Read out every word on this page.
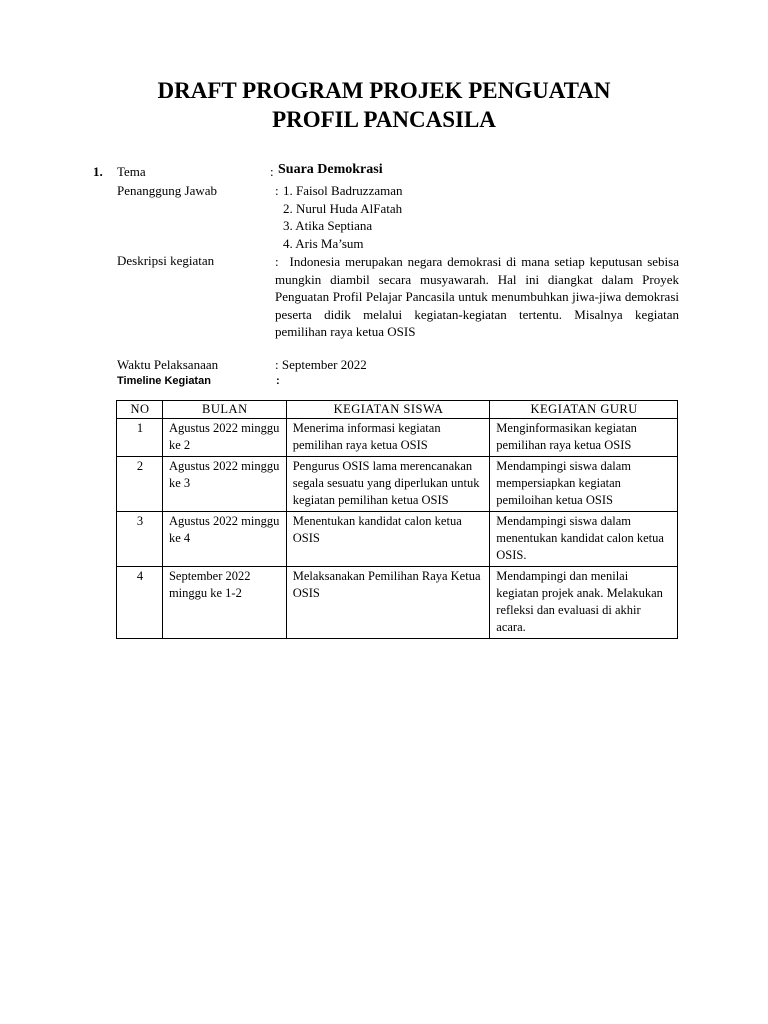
DRAFT PROGRAM PROJEK PENGUATAN
PROFIL PANCASILA
1. Tema	: Suara Demokrasi
Penanggung Jawab	: 1. Faisol Badruzzaman
2. Nurul Huda AlFatah
3. Atika Septiana
4. Aris Ma’sum
Deskripsi kegiatan	: Indonesia merupakan negara demokrasi di mana setiap keputusan sebisa mungkin diambil secara musyawarah. Hal ini diangkat dalam Proyek Penguatan Profil Pelajar Pancasila untuk menumbuhkan jiwa-jiwa demokrasi peserta didik melalui kegiatan-kegiatan tertentu. Misalnya kegiatan pemilihan raya ketua OSIS
Waktu Pelaksanaan	: September 2022
Timeline Kegiatan	:
NO	BULAN	KEGIATAN SISWA	KEGIATAN GURU
1	Agustus 2022 minggu ke 2	Menerima informasi kegiatan pemilihan raya ketua OSIS	Menginformasikan kegiatan pemilihan raya ketua OSIS
2	Agustus 2022 minggu ke 3	Pengurus OSIS lama merencanakan segala sesuatu yang diperlukan untuk kegiatan pemilihan ketua OSIS	Mendampingi siswa dalam mempersiapkan kegiatan pemiloihan ketua OSIS
3	Agustus 2022 minggu ke 4	Menentukan kandidat calon ketua OSIS	Mendampingi siswa dalam menentukan kandidat calon ketua OSIS.
4	September 2022 minggu ke 1-2	Melaksanakan Pemilihan Raya Ketua OSIS	Mendampingi dan menilai kegiatan projek anak. Melakukan refleksi dan evaluasi di akhir acara.
